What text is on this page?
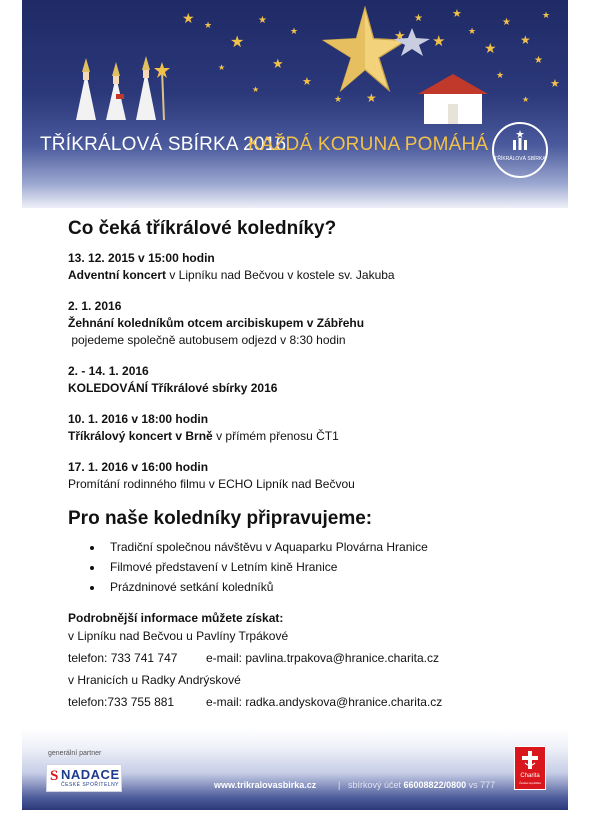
★ ★
★
★
★
★
★
★ ★
★
★
★
★
★
★
★
★
★
★
★
★
★
★
★
TŘÍKRÁLOVÁ SBÍRKA 2016
KAŽDÁ KORUNA POMÁHÁ
TŘÍKRÁLOVÁ SBÍRKA
Co čeká tříkrálové koledníky?
13. 12. 2015 v 15:00 hodin
Adventní koncert v Lipníku nad Bečvou v kostele sv. Jakuba
2. 1. 2016
Žehnání koledníkům otcem arcibiskupem v Zábřehu
pojedeme společně autobusem odjezd v 8:30 hodin
2. - 14. 1. 2016
KOLEDOVÁNÍ Tříkrálové sbírky 2016
10. 1. 2016 v 18:00 hodin
Tříkrálový koncert v Brně v přímém přenosu ČT1
17. 1. 2016 v 16:00 hodin
Promítání rodinného filmu v ECHO Lipník nad Bečvou
Pro naše koledníky připravujeme:
• Tradiční společnou návštěvu v Aquaparku Plovárna Hranice
• Filmové představení v Letním kině Hranice
• Prázdninové setkání koledníků
Podrobnější informace můžete získat:
v Lipníku nad Bečvou u Pavlíny Trpákové
telefon: 733 741 747 e-mail: pavlina.trpakova@hranice.charita.cz
v Hranicích u Radky Andrýskové
telefon:733 755 881	e-mail: radka.andyskova@hranice.charita.cz
generální partner
S NADACE
ČESKÉ SPOŘITELNY	www.trikralovasbirka.cz | sbírkový účet 66008822/0800 vs 777
Charita
Česká republika
